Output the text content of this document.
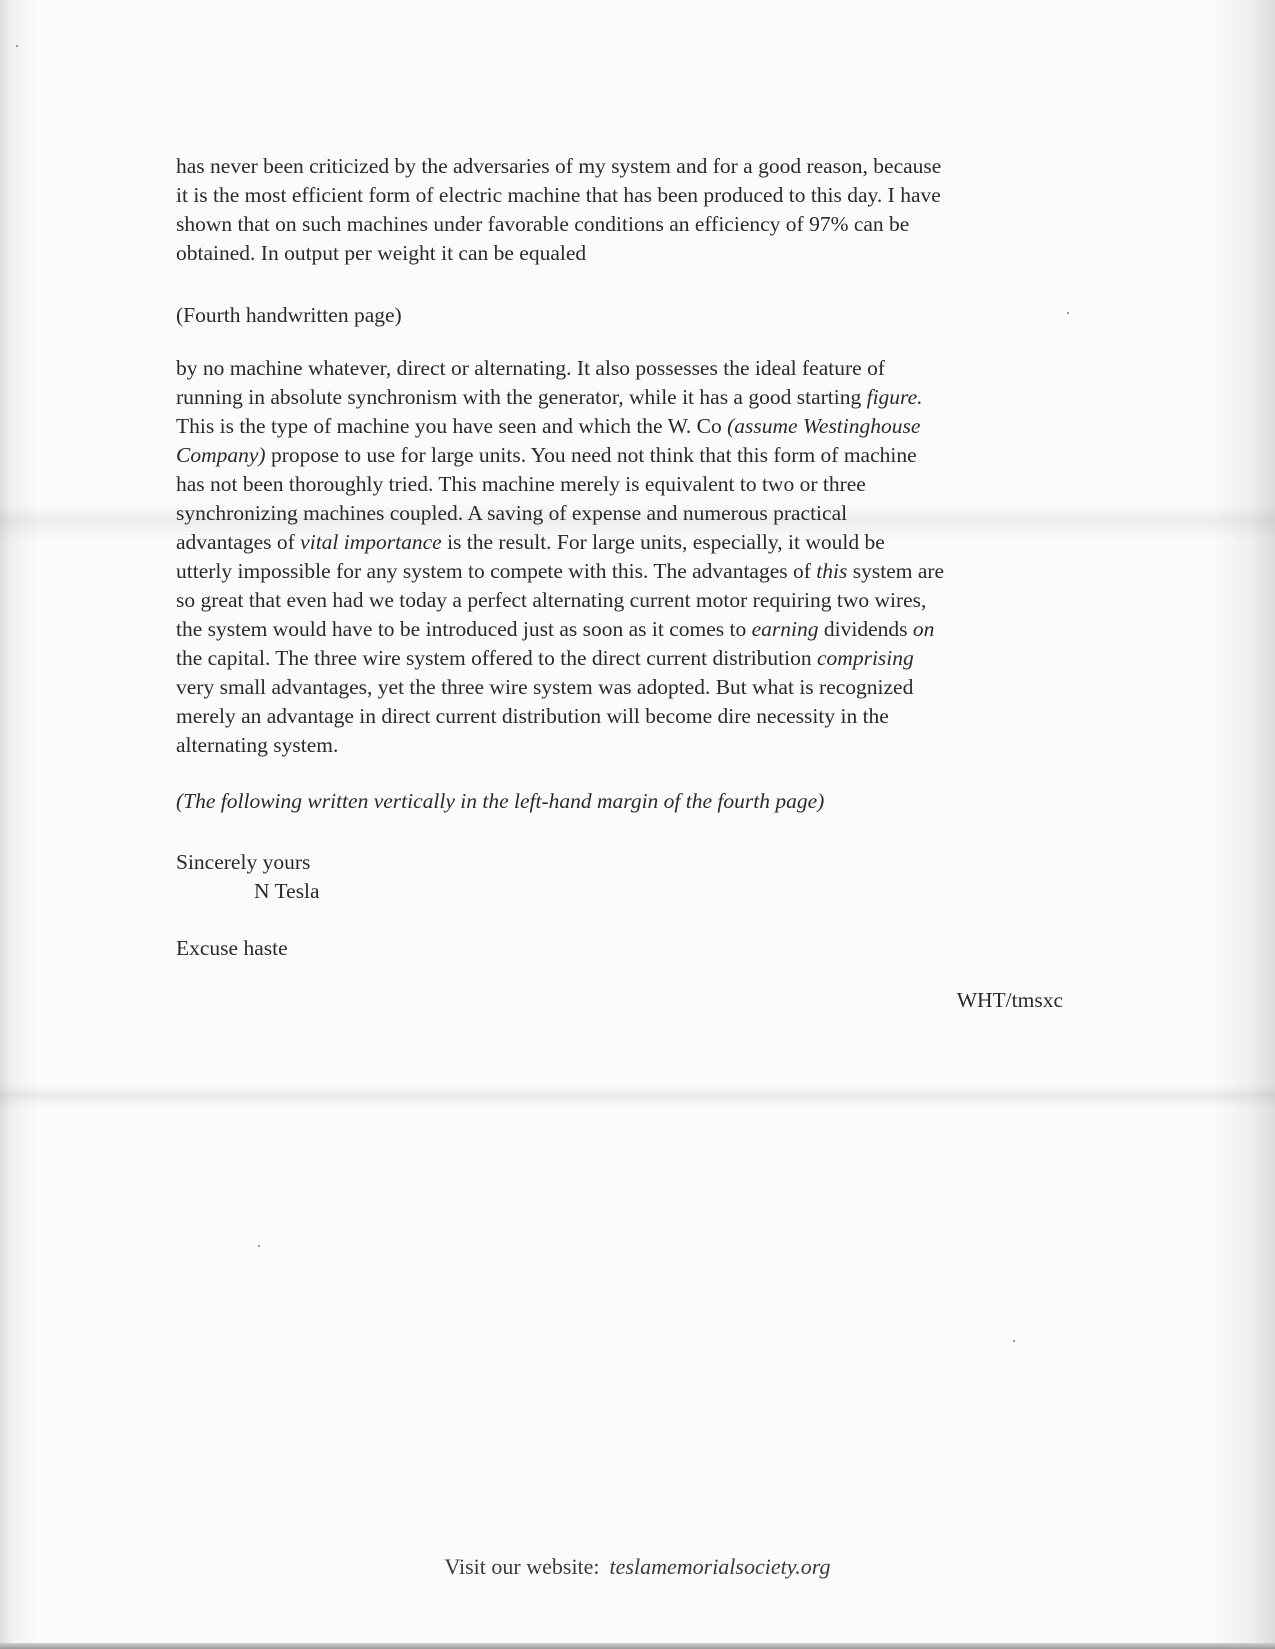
has never been criticized by the adversaries of my system and for a good reason, because
it is the most efficient form of electric machine that has been produced to this day. I have
shown that on such machines under favorable conditions an efficiency of 97% can be
obtained. In output per weight it can be equaled
(Fourth handwritten page)
by no machine whatever, direct or alternating. It also possesses the ideal feature of
running in absolute synchronism with the generator, while it has a good starting figure.
This is the type of machine you have seen and which the W. Co (assume Westinghouse
Company) propose to use for large units. You need not think that this form of machine
has not been thoroughly tried. This machine merely is equivalent to two or three
synchronizing machines coupled. A saving of expense and numerous practical
advantages of vital importance is the result. For large units, especially, it would be
utterly impossible for any system to compete with this. The advantages of this system are
so great that even had we today a perfect alternating current motor requiring two wires,
the system would have to be introduced just as soon as it comes to earning dividends on
the capital. The three wire system offered to the direct current distribution comprising
very small advantages, yet the three wire system was adopted. But what is recognized
merely an advantage in direct current distribution will become dire necessity in the
alternating system.
(The following written vertically in the left-hand margin of the fourth page)
Sincerely yours
N Tesla
Excuse haste
WHT/tmsxc
Visit our website: teslamemorialsociety.org
